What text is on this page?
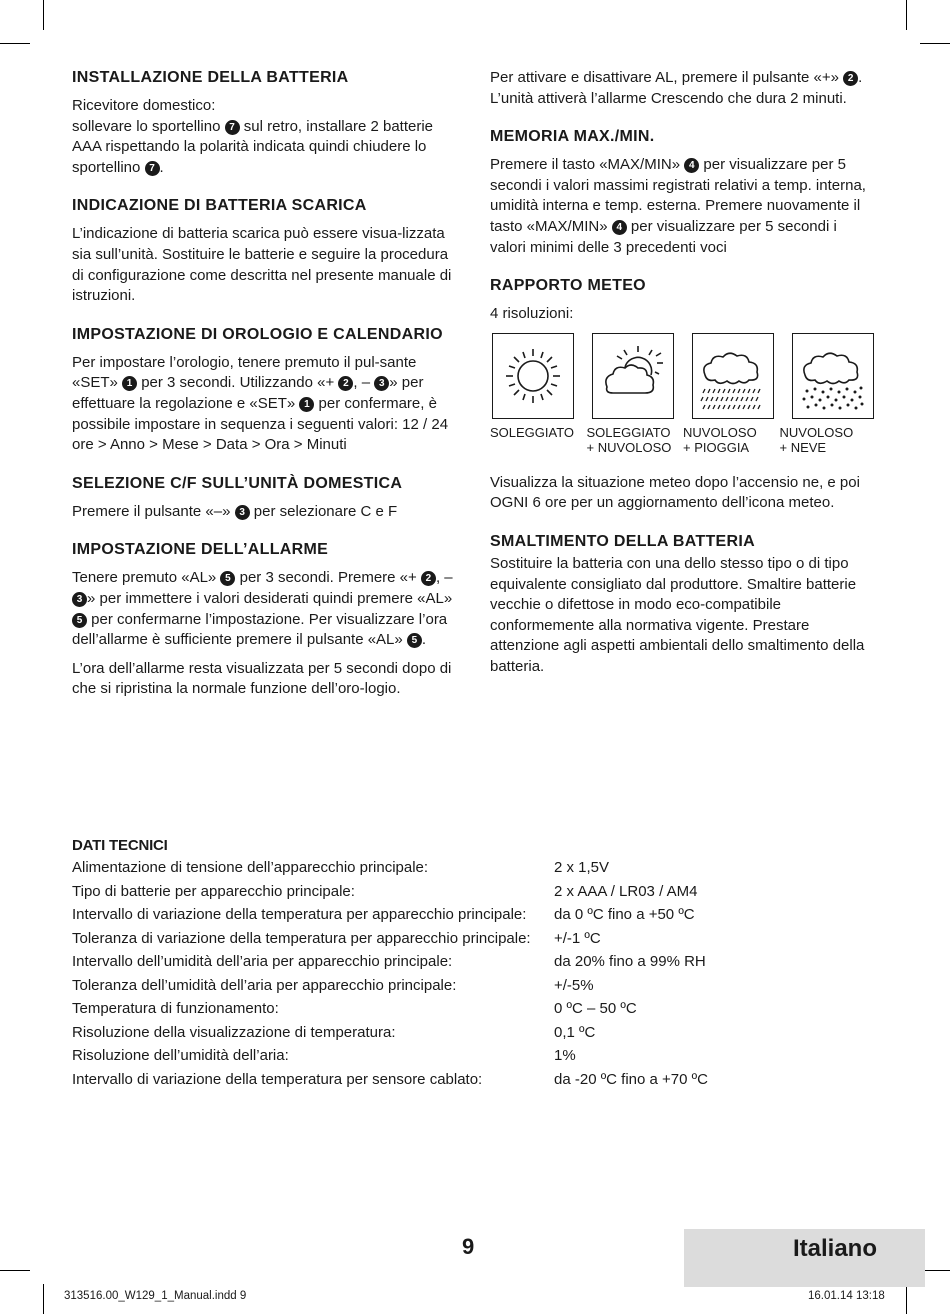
INSTALLAZIONE DELLA BATTERIA
Ricevitore domestico:
sollevare lo sportellino 7 sul retro, installare 2 batterie AAA rispettando la polarità indicata quindi chiudere lo sportellino 7 .
INDICAZIONE DI BATTERIA SCARICA
L’indicazione di batteria scarica può essere visua-lizzata sia sull’unità. Sostituire le batterie e seguire la procedura di configurazione come descritta nel presente manuale di istruzioni.
IMPOSTAZIONE DI OROLOGIO E CALENDARIO
Per impostare l’orologio, tenere premuto il pul-sante «SET» 1 per 3 secondi. Utilizzando «+ 2 , – 3 » per effettuare la regolazione e «SET» 1 per confermare, è possibile impostare in sequenza i seguenti valori: 12 / 24 ore > Anno > Mese > Data > Ora > Minuti
SELEZIONE C/F SULL’UNITÀ DOMESTICA
Premere il pulsante «–» 3 per selezionare C e F
IMPOSTAZIONE DELL’ALLARME
Tenere premuto «AL» 5 per 3 secondi. Premere «+ 2 , – 3 » per immettere i valori desiderati quindi premere «AL» 5 per confermarne l’impostazione. Per visualizzare l’ora dell’allarme è sufficiente premere il pulsante «AL» 5 .
L’ora dell’allarme resta visualizzata per 5 secondi dopo di che si ripristina la normale funzione dell’oro-logio.
Per attivare e disattivare AL, premere il pulsante «+» 2 . L’unità attiverà l’allarme Crescendo che dura 2 minuti.
MEMORIA MAX./MIN.
Premere il tasto «MAX/MIN» 4 per visualizzare per 5 secondi i valori massimi registrati relativi a temp. interna, umidità interna e temp. esterna. Premere nuovamente il tasto «MAX/MIN» 4 per visualizzare per 5 secondi i valori minimi delle 3 precedenti voci
RAPPORTO METEO
4 risoluzioni:
SOLEGGIATO SOLEGGIATO
+ NUVOLOSO
NUVOLOSO
+ PIOGGIA
NUVOLOSO
+ NEVE
Visualizza la situazione meteo dopo l’accensio ne, e poi OGNI 6 ore per un aggiornamento dell’icona meteo.
SMALTIMENTO DELLA BATTERIA
Sostituire la batteria con una dello stesso tipo o di tipo equivalente consigliato dal produttore. Smaltire batterie vecchie o difettose in modo eco-compatibile conformemente alla normativa vigente. Prestare attenzione agli aspetti ambientali dello smaltimento della batteria.
DATI TECNICI
Alimentazione di tensione dell’apparecchio principale:	2 x 1,5V
Tipo di batterie per apparecchio principale:	2 x AAA / LR03 / AM4
Intervallo di variazione della temperatura per apparecchio principale:	da 0 ºC fino a +50 ºC
Toleranza di variazione della temperatura per apparecchio principale:	+/-1 ºC
Intervallo dell’umidità dell’aria per apparecchio principale:	da 20% fino a 99% RH
Toleranza dell’umidità dell’aria per apparecchio principale:	+/-5%
Temperatura di funzionamento:	0 ºC – 50 ºC
Risoluzione della visualizzazione di temperatura:	0,1 ºC
Risoluzione dell’umidità dell’aria:	1%
Intervallo di variazione della temperatura per sensore cablato:	da -20 ºC fino a +70 ºC
9	Italiano
313516.00_W129_1_Manual.indd 9	16.01.14 13:18
